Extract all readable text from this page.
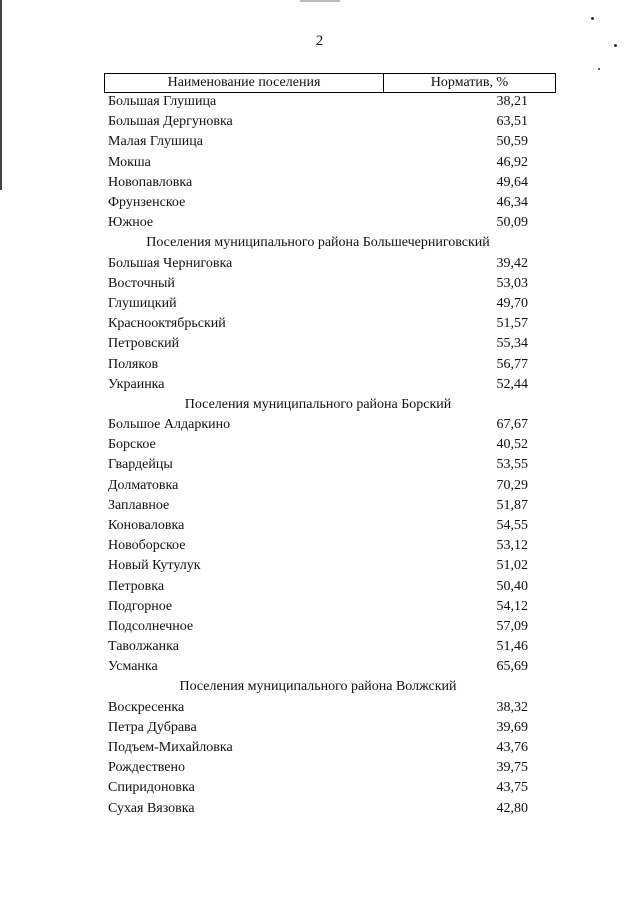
2
Наименование поселения	Норматив, %
Большая Глушица	38,21
Большая Дергуновка	63,51
Малая Глушица	50,59
Мокша	46,92
Новопавловка	49,64
Фрунзенское	46,34
Южное	50,09
Поселения муниципального района Большечерниговский
Большая Черниговка	39,42
Восточный	53,03
Глушицкий	49,70
Краснооктябрьский	51,57
Петровский	55,34
Поляков	56,77
Украинка	52,44
Поселения муниципального района Борский
Большое Алдаркино	67,67
Борское	40,52
Гвардейцы	53,55
Долматовка	70,29
Заплавное	51,87
Коноваловка	54,55
Новоборское	53,12
Новый Кутулук	51,02
Петровка	50,40
Подгорное	54,12
Подсолнечное	57,09
Таволжанка	51,46
Усманка	65,69
Поселения муниципального района Волжский
Воскресенка	38,32
Петра Дубрава	39,69
Подъем-Михайловка	43,76
Рождествено	39,75
Спиридоновка	43,75
Сухая Вязовка	42,80
